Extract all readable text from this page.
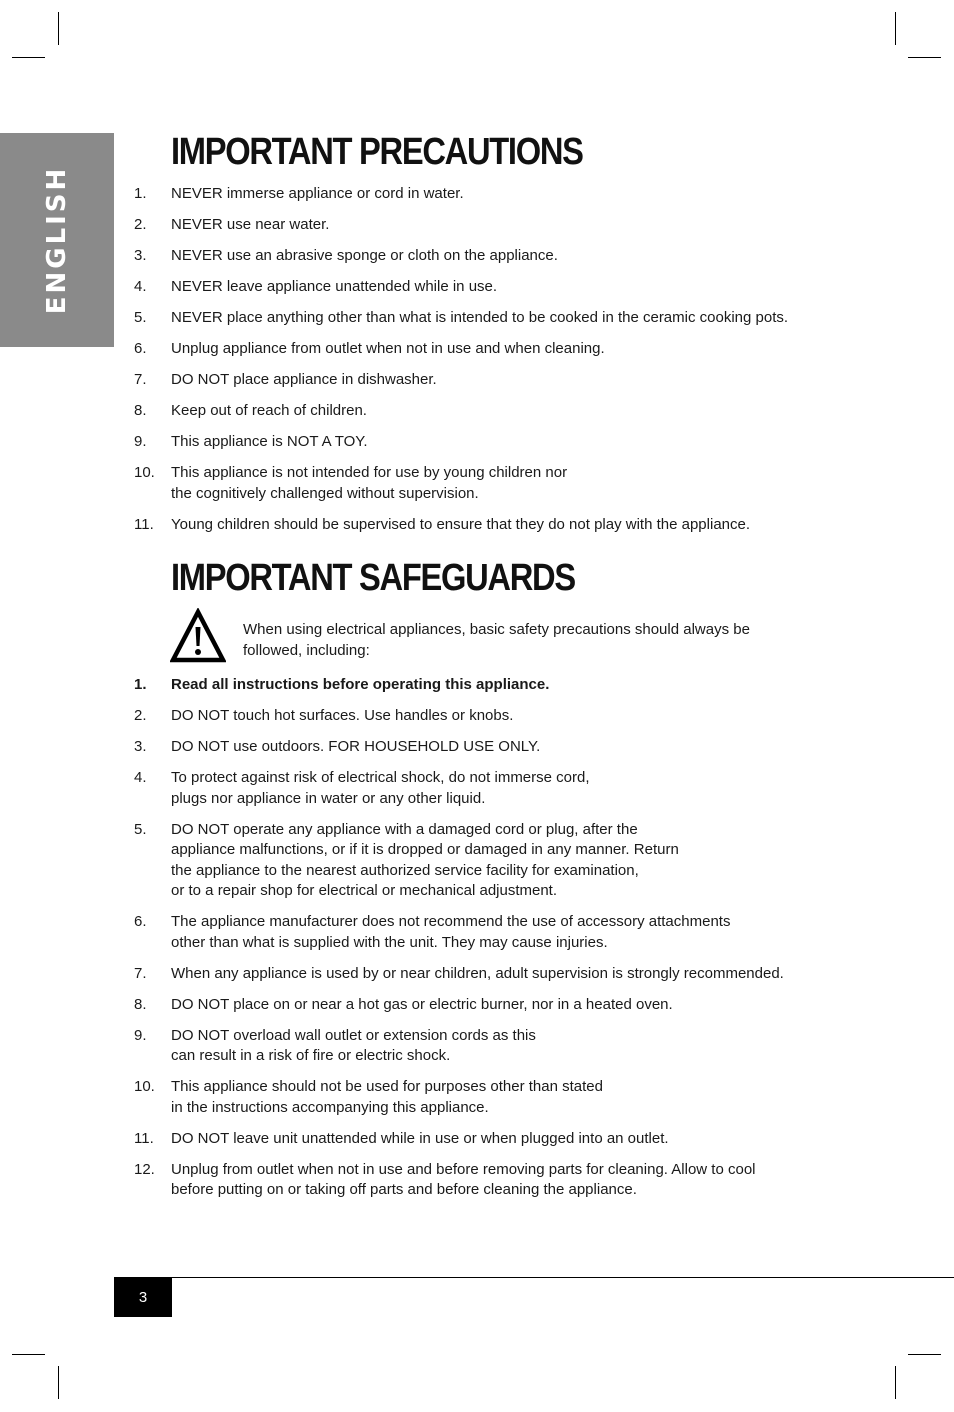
ENGLISH
IMPORTANT PRECAUTIONS
1. NEVER immerse appliance or cord in water.
2. NEVER use near water.
3. NEVER use an abrasive sponge or cloth on the appliance.
4. NEVER leave appliance unattended while in use.
5. NEVER place anything other than what is intended to be cooked in the ceramic cooking pots.
6. Unplug appliance from outlet when not in use and when cleaning.
7. DO NOT place appliance in dishwasher.
8. Keep out of reach of children.
9. This appliance is NOT A TOY.
10. This appliance is not intended for use by young children nor
the cognitively challenged without supervision.
11. Young children should be supervised to ensure that they do not play with the appliance.
IMPORTANT SAFEGUARDS

When using electrical appliances, basic safety precautions should always be
followed, including:

1. Read all instructions before operating this appliance.
2. DO NOT touch hot surfaces. Use handles or knobs.
3. DO NOT use outdoors. FOR HOUSEHOLD USE ONLY.
4. To protect against risk of electrical shock, do not immerse cord,
plugs nor appliance in water or any other liquid.
5. DO NOT operate any appliance with a damaged cord or plug, after the
appliance malfunctions, or if it is dropped or damaged in any manner. Return
the appliance to the nearest authorized service facility for examination,
or to a repair shop for electrical or mechanical adjustment.
6. The appliance manufacturer does not recommend the use of accessory attachments
other than what is supplied with the unit. They may cause injuries.
7. When any appliance is used by or near children, adult supervision is strongly recommended.
8. DO NOT place on or near a hot gas or electric burner, nor in a heated oven.
9. DO NOT overload wall outlet or extension cords as this
can result in a risk of fire or electric shock.
10. This appliance should not be used for purposes other than stated
in the instructions accompanying this appliance.
11. DO NOT leave unit unattended while in use or when plugged into an outlet.
12. Unplug from outlet when not in use and before removing parts for cleaning. Allow to cool
before putting on or taking off parts and before cleaning the appliance.
3
